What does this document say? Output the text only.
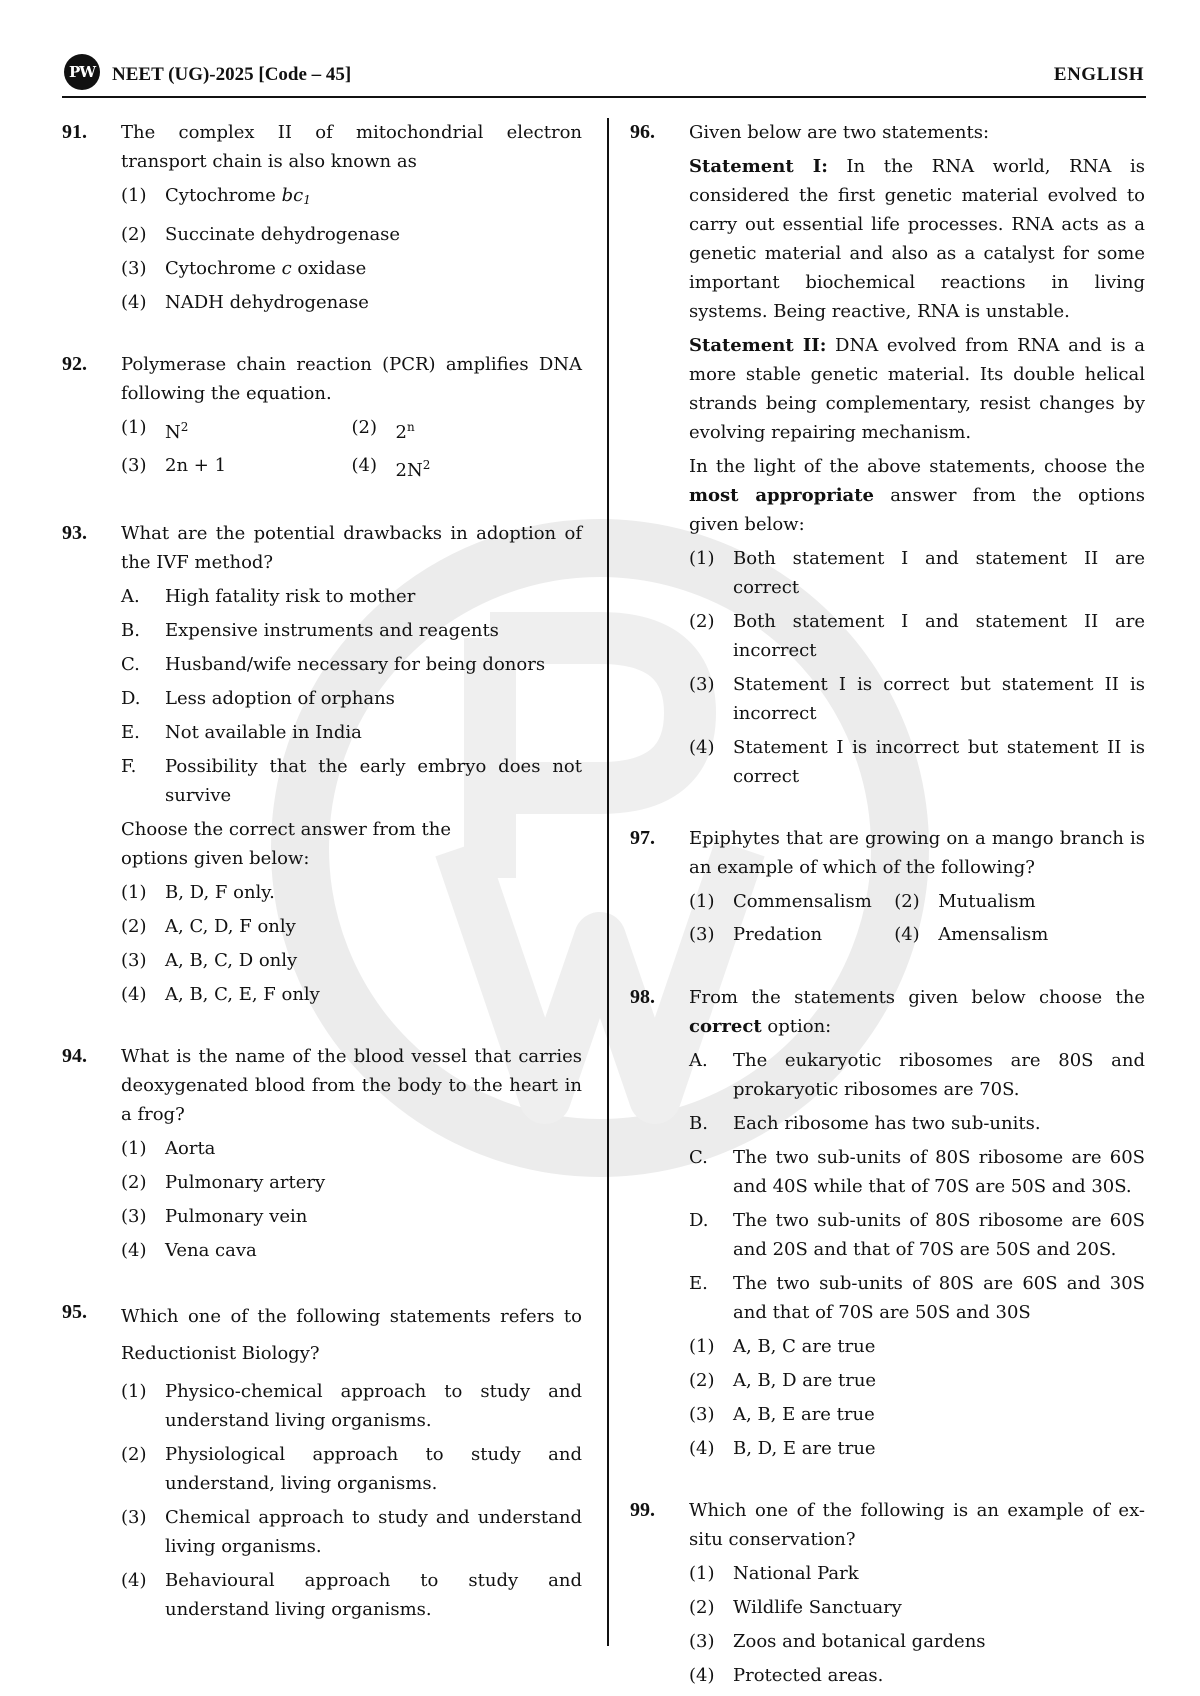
PW NEET (UG)-2025 [Code – 45]	ENGLISH
91. The complex II of mitochondrial electron transport chain is also known as
(1) Cytochrome $bc_1$
(2) Succinate dehydrogenase
(3) Cytochrome c oxidase
(4) NADH dehydrogenase
92. Polymerase chain reaction (PCR) amplifies DNA following the equation.
(1) $N^2$	(2) 2$^n$
(3) 2n + 1	(4) $2N^2$
93. What are the potential drawbacks in adoption of the IVF method?
A. High fatality risk to mother
B. Expensive instruments and reagents
C. Husband/wife necessary for being donors
D. Less adoption of orphans
E. Not available in India
F. Possibility that the early embryo does not survive
Choose the correct answer from the options given below:
(1) B, D, F only.
(2) A, C, D, F only
(3) A, B, C, D only
(4) A, B, C, E, F only
94. What is the name of the blood vessel that carries deoxygenated blood from the body to the heart in a frog?
(1) Aorta
(2) Pulmonary artery
(3) Pulmonary vein
(4) Vena cava
95. Which one of the following statements refers to Reductionist Biology?
(1) Physico-chemical approach to study and understand living organisms.
(2) Physiological approach to study and understand, living organisms.
(3) Chemical approach to study and understand living organisms.
(4) Behavioural approach to study and understand living organisms.
96. Given below are two statements:
Statement I: In the RNA world, RNA is considered the first genetic material evolved to carry out essential life processes. RNA acts as a genetic material and also as a catalyst for some important biochemical reactions in living systems. Being reactive, RNA is unstable.
Statement II: DNA evolved from RNA and is a more stable genetic material. Its double helical strands being complementary, resist changes by evolving repairing mechanism.
In the light of the above statements, choose the most appropriate answer from the options given below:
(1) Both statement I and statement II are correct
(2) Both statement I and statement II are incorrect
(3) Statement I is correct but statement II is incorrect
(4) Statement I is incorrect but statement II is correct
97. Epiphytes that are growing on a mango branch is an example of which of the following?
(1) Commensalism	(2) Mutualism
(3) Predation	(4) Amensalism
98. From the statements given below choose the correct option:
A. The eukaryotic ribosomes are 80S and prokaryotic ribosomes are 70S.
B. Each ribosome has two sub-units.
C. The two sub-units of 80S ribosome are 60S and 40S while that of 70S are 50S and 30S.
D. The two sub-units of 80S ribosome are 60S and 20S and that of 70S are 50S and 20S.
E. The two sub-units of 80S are 60S and 30S and that of 70S are 50S and 30S
(1) A, B, C are true
(2) A, B, D are true
(3) A, B, E are true
(4) B, D, E are true
99. Which one of the following is an example of ex-situ conservation?
(1) National Park
(2) Wildlife Sanctuary
(3) Zoos and botanical gardens
(4) Protected areas.
